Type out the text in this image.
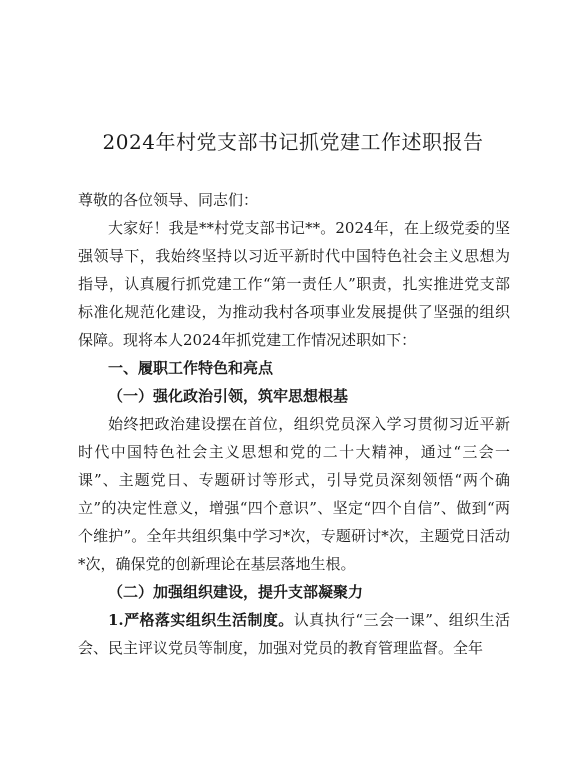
2024年村党支部书记抓党建工作述职报告

尊敬的各位领导、同志们：

大家好！我是**村党支部书记**。2024年，在上级党委的坚强领导下，我始终坚持以习近平新时代中国特色社会主义思想为指导，认真履行抓党建工作“第一责任人”职责，扎实推进党支部标准化规范化建设，为推动我村各项事业发展提供了坚强的组织保障。现将本人2024年抓党建工作情况述职如下：

一、履职工作特色和亮点

（一）强化政治引领，筑牢思想根基

始终把政治建设摆在首位，组织党员深入学习贯彻习近平新时代中国特色社会主义思想和党的二十大精神，通过“三会一课”、主题党日、专题研讨等形式，引导党员深刻领悟“两个确立”的决定性意义，增强“四个意识”、坚定“四个自信”、做到“两个维护”。全年共组织集中学习*次，专题研讨*次，主题党日活动*次，确保党的创新理论在基层落地生根。

（二）加强组织建设，提升支部凝聚力

1.严格落实组织生活制度。认真执行“三会一课”、组织生活会、民主评议党员等制度，加强对党员的教育管理监督。全年
